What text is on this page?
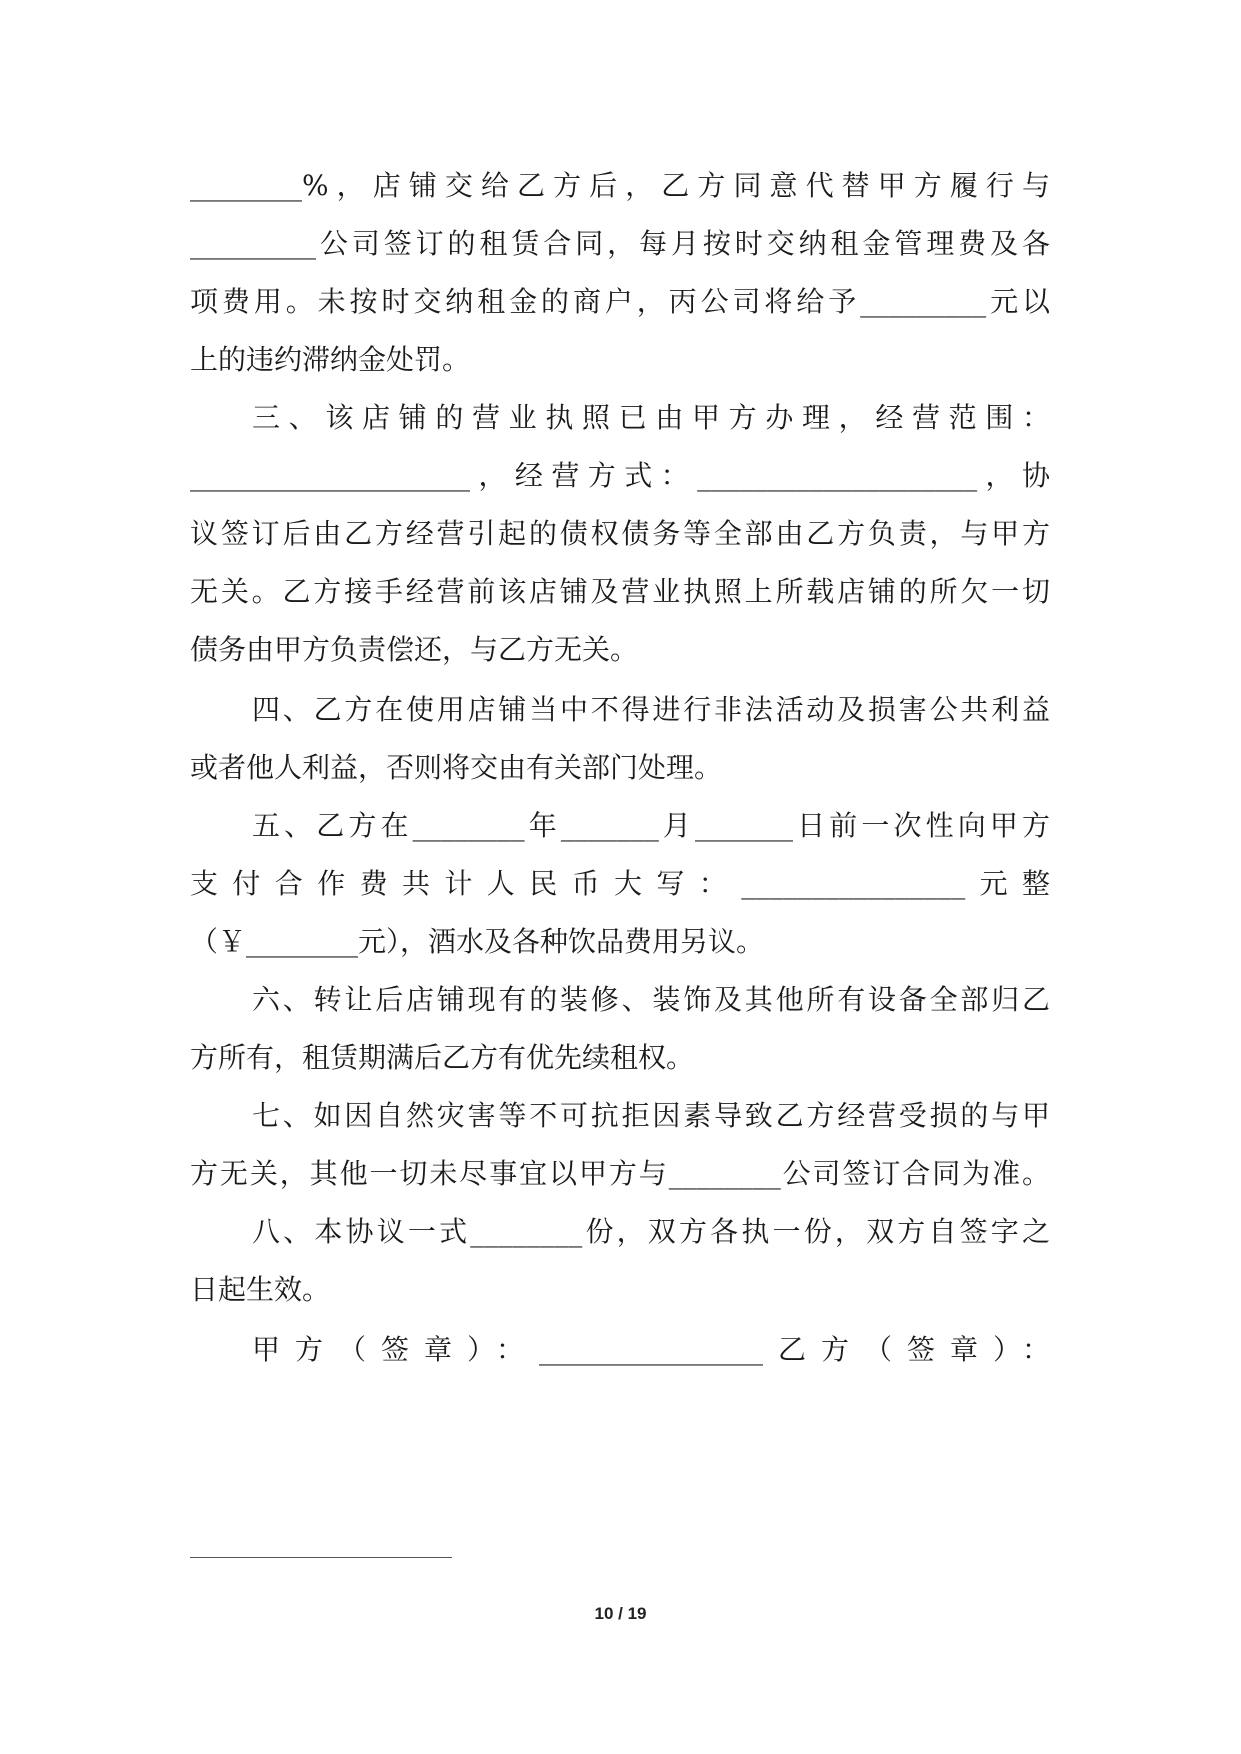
________%，店铺交给乙方后，乙方同意代替甲方履行与
_________公司签订的租赁合同，每月按时交纳租金管理费及各
项费用。未按时交纳租金的商户，丙公司将给予_________元以
上的违约滞纳金处罚。
三、该店铺的营业执照已由甲方办理，经营范围：
____________________，经营方式：____________________，协
议签订后由乙方经营引起的债权债务等全部由乙方负责，与甲方
无关。乙方接手经营前该店铺及营业执照上所载店铺的所欠一切
债务由甲方负责偿还，与乙方无关。
四、乙方在使用店铺当中不得进行非法活动及损害公共利益
或者他人利益，否则将交由有关部门处理。
五、乙方在________年_______月_______日前一次性向甲方
支付合作费共计人民币大写：________________元整
（￥________元），酒水及各种饮品费用另议。
六、转让后店铺现有的装修、装饰及其他所有设备全部归乙
方所有，租赁期满后乙方有优先续租权。
七、如因自然灾害等不可抗拒因素导致乙方经营受损的与甲
方无关，其他一切未尽事宜以甲方与________公司签订合同为准。
八、本协议一式________份，双方各执一份，双方自签字之
日起生效。
甲方（签章）：________________乙方（签章）：
10 / 19
